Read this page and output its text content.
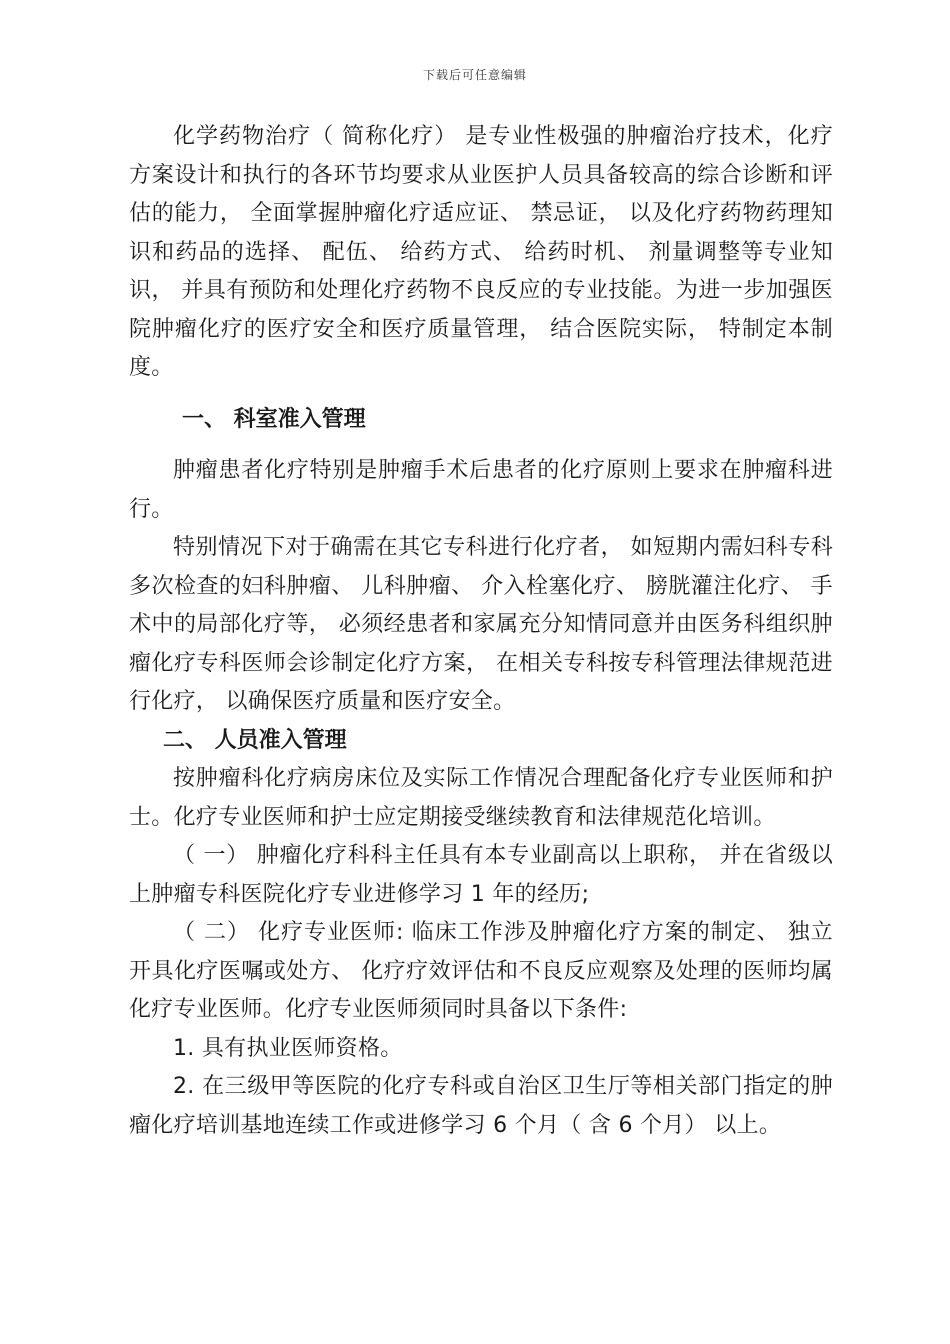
下载后可任意编辑

化学药物治疗（ 简称化疗） 是专业性极强的肿瘤治疗技术，化疗方案设计和执行的各环节均要求从业医护人员具备较高的综合诊断和评估的能力， 全面掌握肿瘤化疗适应证、 禁忌证， 以及化疗药物药理知识和药品的选择、 配伍、 给药方式、 给药时机、 剂量调整等专业知识， 并具有预防和处理化疗药物不良反应的专业技能。为进一步加强医院肿瘤化疗的医疗安全和医疗质量管理， 结合医院实际， 特制定本制度。

一、 科室准入管理

肿瘤患者化疗特别是肿瘤手术后患者的化疗原则上要求在肿瘤科进行。

特别情况下对于确需在其它专科进行化疗者， 如短期内需妇科专科多次检查的妇科肿瘤、 儿科肿瘤、 介入栓塞化疗、 膀胱灌注化疗、 手术中的局部化疗等， 必须经患者和家属充分知情同意并由医务科组织肿瘤化疗专科医师会诊制定化疗方案， 在相关专科按专科管理法律规范进行化疗， 以确保医疗质量和医疗安全。

二、 人员准入管理

按肿瘤科化疗病房床位及实际工作情况合理配备化疗专业医师和护士。化疗专业医师和护士应定期接受继续教育和法律规范化培训。

（ 一） 肿瘤化疗科科主任具有本专业副高以上职称， 并在省级以上肿瘤专科医院化疗专业进修学习 1 年的经历;

（ 二） 化疗专业医师: 临床工作涉及肿瘤化疗方案的制定、 独立开具化疗医嘱或处方、 化疗疗效评估和不良反应观察及处理的医师均属化疗专业医师。化疗专业医师须同时具备以下条件:

1. 具有执业医师资格。

2. 在三级甲等医院的化疗专科或自治区卫生厅等相关部门指定的肿瘤化疗培训基地连续工作或进修学习 6 个月（ 含 6 个月） 以上。
